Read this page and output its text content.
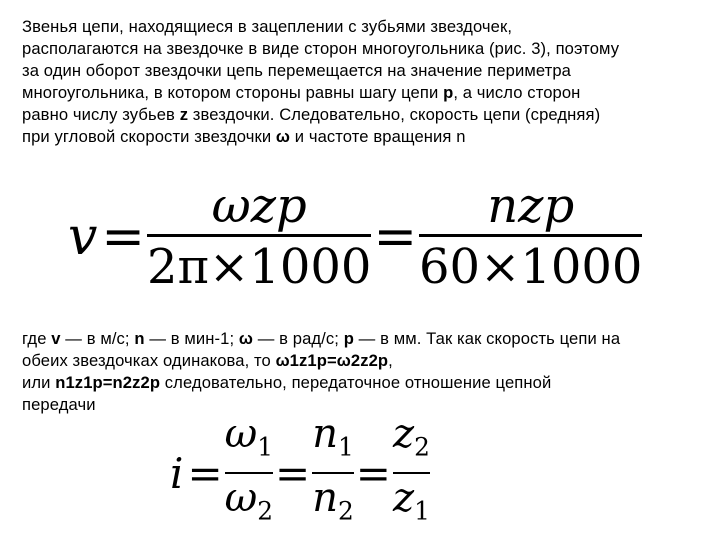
Звенья цепи, находящиеся в зацеплении с зубьями звездочек,
располагаются на звездочке в виде сторон многоугольника (рис. 3), поэтому
за один оборот звездочки цепь перемещается на значение периметра
многоугольника, в котором стороны равны шагу цепи p, а число сторон
равно числу зубьев z звездочки. Следовательно, скорость цепи (средняя)
при угловой скорости звездочки ω и частоте вращения n
$v = \frac{\text{ωzp}}{2\pi\times 1000} = \frac{\text{nzp}}{60\times 1000}$
где v — в м/с; n — в мин-1; ω — в рад/с; p — в мм. Так как скорость цепи на
обеих звездочках одинакова, то ω1z1p=ω2z2p,
или n1z1p=n2z2p следовательно, передаточное отношение цепной
передачи
$i = \frac{\omega_1}{\omega_2} = \frac{n_1}{n_2} = \frac{z_2}{z_1}$
